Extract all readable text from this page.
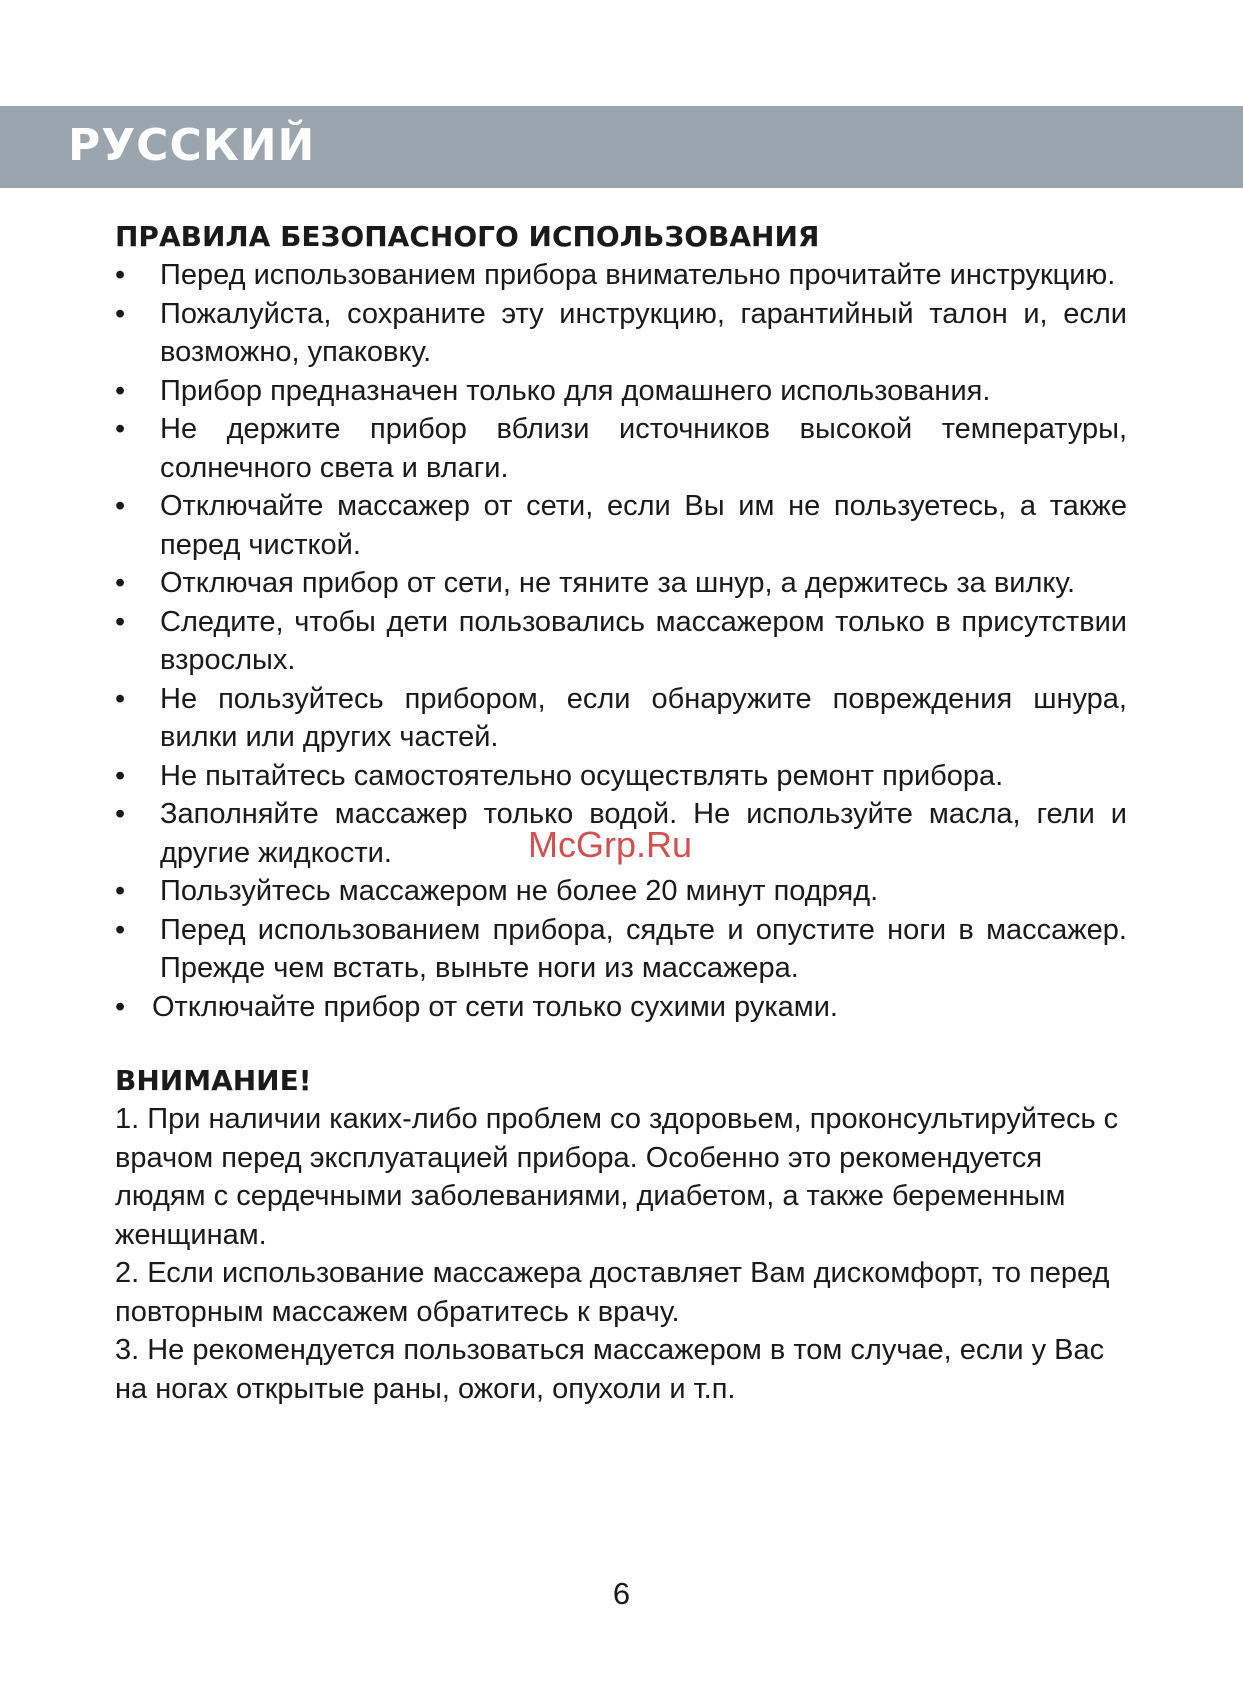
РУССКИЙ
ПРАВИЛА БЕЗОПАСНОГО ИСПОЛЬЗОВАНИЯ
•	Перед использованием прибора внимательно прочитайте инструкцию.
•	Пожалуйста, сохраните эту инструкцию, гарантийный талон и, если возможно, упаковку.
•	Прибор предназначен только для домашнего использования.
•	Не держите прибор вблизи источников высокой температуры, солнечного света и влаги.
•	Отключайте массажер от сети, если Вы им не пользуетесь, а также перед чисткой.
•	Отключая прибор от сети, не тяните за шнур, а держитесь за вилку.
•	Следите, чтобы дети пользовались массажером только в присутствии взрослых.
•	Не пользуйтесь прибором, если обнаружите повреждения шнура, вилки или других частей.
•	Не пытайтесь самостоятельно осуществлять ремонт прибора.
•	Заполняйте массажер только водой. Не используйте масла, гели и другие жидкости.
•	Пользуйтесь массажером не более 20 минут подряд.
•	Перед использованием прибора, сядьте и опустите ноги в массажер. Прежде чем встать, выньте ноги из массажера.
• Отключайте прибор от сети только сухими руками.
ВНИМАНИЕ!

1. При наличии каких-либо проблем со здоровьем, проконсультируйтесь с врачом перед эксплуатацией прибора. Особенно это рекомендуется людям с сердечными заболеваниями, диабетом, а также беременным женщинам.

2. Если использование массажера доставляет Вам дискомфорт, то перед повторным массажем обратитесь к врачу.

3. Не рекомендуется пользоваться массажером в том случае, если у Вас на ногах открытые раны, ожоги, опухоли и т.п.

McGrp.Ru

6
